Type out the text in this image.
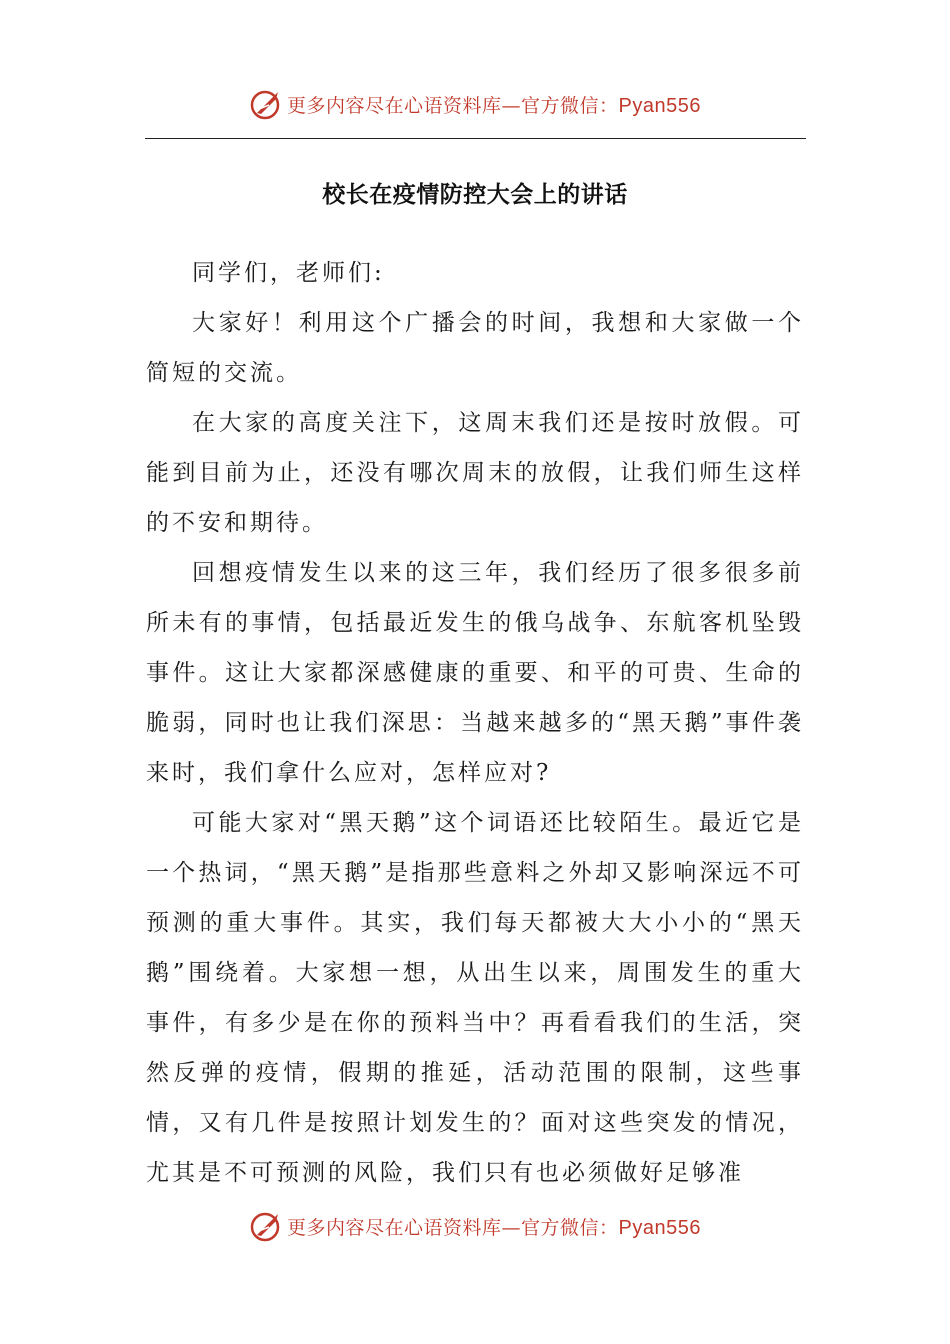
更多内容尽在心语资料库—官方微信：Pyan556
校长在疫情防控大会上的讲话

同学们，老师们:

大家好！利用这个广播会的时间，我想和大家做一个简短的交流。

在大家的高度关注下，这周末我们还是按时放假。可能到目前为止，还没有哪次周末的放假，让我们师生这样的不安和期待。

回想疫情发生以来的这三年，我们经历了很多很多前所未有的事情，包括最近发生的俄乌战争、东航客机坠毁事件。这让大家都深感健康的重要、和平的可贵、生命的脆弱，同时也让我们深思：当越来越多的“黑天鹅”事件袭来时，我们拿什么应对，怎样应对?

可能大家对“黑天鹅”这个词语还比较陌生。最近它是一个热词，“黑天鹅”是指那些意料之外却又影响深远不可预测的重大事件。其实，我们每天都被大大小小的“黑天鹅”围绕着。大家想一想，从出生以来，周围发生的重大事件，有多少是在你的预料当中？再看看我们的生活，突然反弹的疫情，假期的推延，活动范围的限制，这些事情，又有几件是按照计划发生的？面对这些突发的情况，尤其是不可预测的风险，我们只有也必须做好足够准

更多内容尽在心语资料库—官方微信：Pyan556
